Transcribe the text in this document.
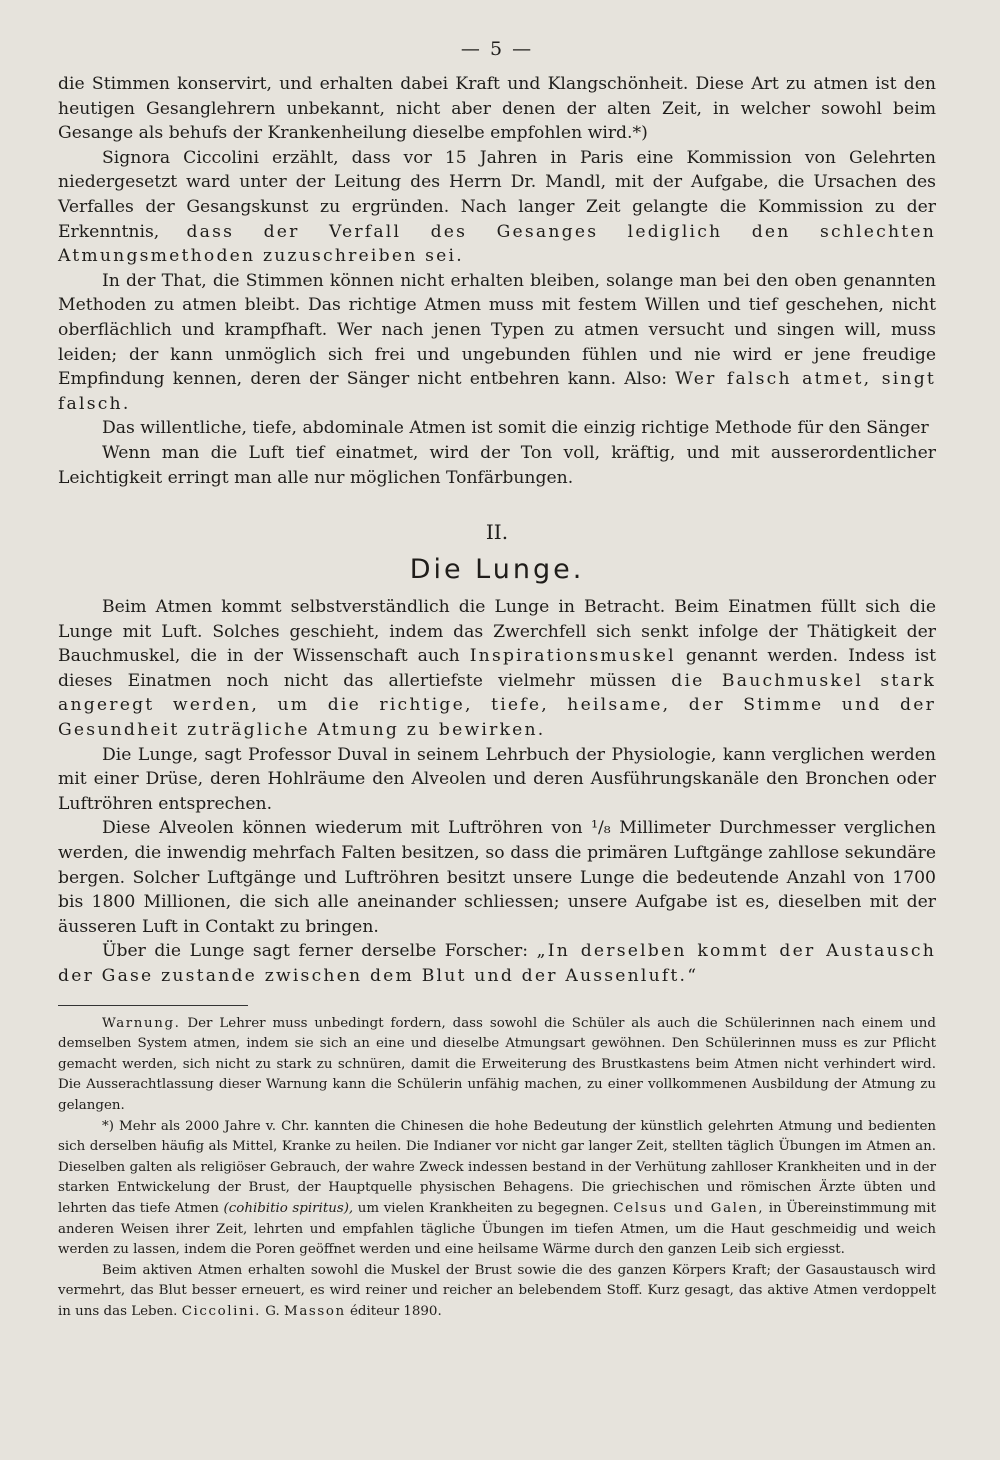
— 5 —

die Stimmen konservirt, und erhalten dabei Kraft und Klangschönheit. Diese Art zu atmen ist den heutigen Gesanglehrern unbekannt, nicht aber denen der alten Zeit, in welcher sowohl beim Gesange als behufs der Krankenheilung dieselbe empfohlen wird.*)

Signora Ciccolini erzählt, dass vor 15 Jahren in Paris eine Kommission von Gelehrten niedergesetzt ward unter der Leitung des Herrn Dr. Mandl, mit der Aufgabe, die Ursachen des Verfalles der Gesangskunst zu ergründen. Nach langer Zeit gelangte die Kommission zu der Erkenntnis, dass der Verfall des Gesanges lediglich den schlechten Atmungsmethoden zuzuschreiben sei.

In der That, die Stimmen können nicht erhalten bleiben, solange man bei den oben genannten Methoden zu atmen bleibt. Das richtige Atmen muss mit festem Willen und tief geschehen, nicht oberflächlich und krampfhaft. Wer nach jenen Typen zu atmen versucht und singen will, muss leiden; der kann unmöglich sich frei und ungebunden fühlen und nie wird er jene freudige Empfindung kennen, deren der Sänger nicht entbehren kann. Also: Wer falsch atmet, singt falsch.

Das willentliche, tiefe, abdominale Atmen ist somit die einzig richtige Methode für den Sänger

Wenn man die Luft tief einatmet, wird der Ton voll, kräftig, und mit ausserordentlicher Leichtigkeit erringt man alle nur möglichen Tonfärbungen.

II.
Die Lunge.

Beim Atmen kommt selbstverständlich die Lunge in Betracht. Beim Einatmen füllt sich die Lunge mit Luft. Solches geschieht, indem das Zwerchfell sich senkt infolge der Thätigkeit der Bauchmuskel, die in der Wissenschaft auch Inspirationsmuskel genannt werden. Indess ist dieses Einatmen noch nicht das allertiefste vielmehr müssen die Bauchmuskel stark angeregt werden, um die richtige, tiefe, heilsame, der Stimme und der Gesundheit zuträgliche Atmung zu bewirken.

Die Lunge, sagt Professor Duval in seinem Lehrbuch der Physiologie, kann verglichen werden mit einer Drüse, deren Hohlräume den Alveolen und deren Ausführungskanäle den Bronchen oder Luftröhren entsprechen.

Diese Alveolen können wiederum mit Luftröhren von ¹/₈ Millimeter Durchmesser verglichen werden, die inwendig mehrfach Falten besitzen, so dass die primären Luftgänge zahllose sekundäre bergen. Solcher Luftgänge und Luftröhren besitzt unsere Lunge die bedeutende Anzahl von 1700 bis 1800 Millionen, die sich alle aneinander schliessen; unsere Aufgabe ist es, dieselben mit der äusseren Luft in Contakt zu bringen.

Über die Lunge sagt ferner derselbe Forscher: „In derselben kommt der Austausch der Gase zustande zwischen dem Blut und der Aussenluft.“

Warnung. Der Lehrer muss unbedingt fordern, dass sowohl die Schüler als auch die Schülerinnen nach einem und demselben System atmen, indem sie sich an eine und dieselbe Atmungsart gewöhnen. Den Schülerinnen muss es zur Pflicht gemacht werden, sich nicht zu stark zu schnüren, damit die Erweiterung des Brustkastens beim Atmen nicht verhindert wird. Die Ausserachtlassung dieser Warnung kann die Schülerin unfähig machen, zu einer vollkommenen Ausbildung der Atmung zu gelangen.

*) Mehr als 2000 Jahre v. Chr. kannten die Chinesen die hohe Bedeutung der künstlich gelehrten Atmung und bedienten sich derselben häufig als Mittel, Kranke zu heilen. Die Indianer vor nicht gar langer Zeit, stellten täglich Übungen im Atmen an. Dieselben galten als religiöser Gebrauch, der wahre Zweck indessen bestand in der Verhütung zahlloser Krankheiten und in der starken Entwickelung der Brust, der Hauptquelle physischen Behagens. Die griechischen und römischen Ärzte übten und lehrten das tiefe Atmen (cohibitio spiritus), um vielen Krankheiten zu begegnen. Celsus und Galen, in Übereinstimmung mit anderen Weisen ihrer Zeit, lehrten und empfahlen tägliche Übungen im tiefen Atmen, um die Haut geschmeidig und weich werden zu lassen, indem die Poren geöffnet werden und eine heilsame Wärme durch den ganzen Leib sich ergiesst.

Beim aktiven Atmen erhalten sowohl die Muskel der Brust sowie die des ganzen Körpers Kraft; der Gasaustausch wird vermehrt, das Blut besser erneuert, es wird reiner und reicher an belebendem Stoff. Kurz gesagt, das aktive Atmen verdoppelt in uns das Leben. Ciccolini. G. Masson éditeur 1890.
